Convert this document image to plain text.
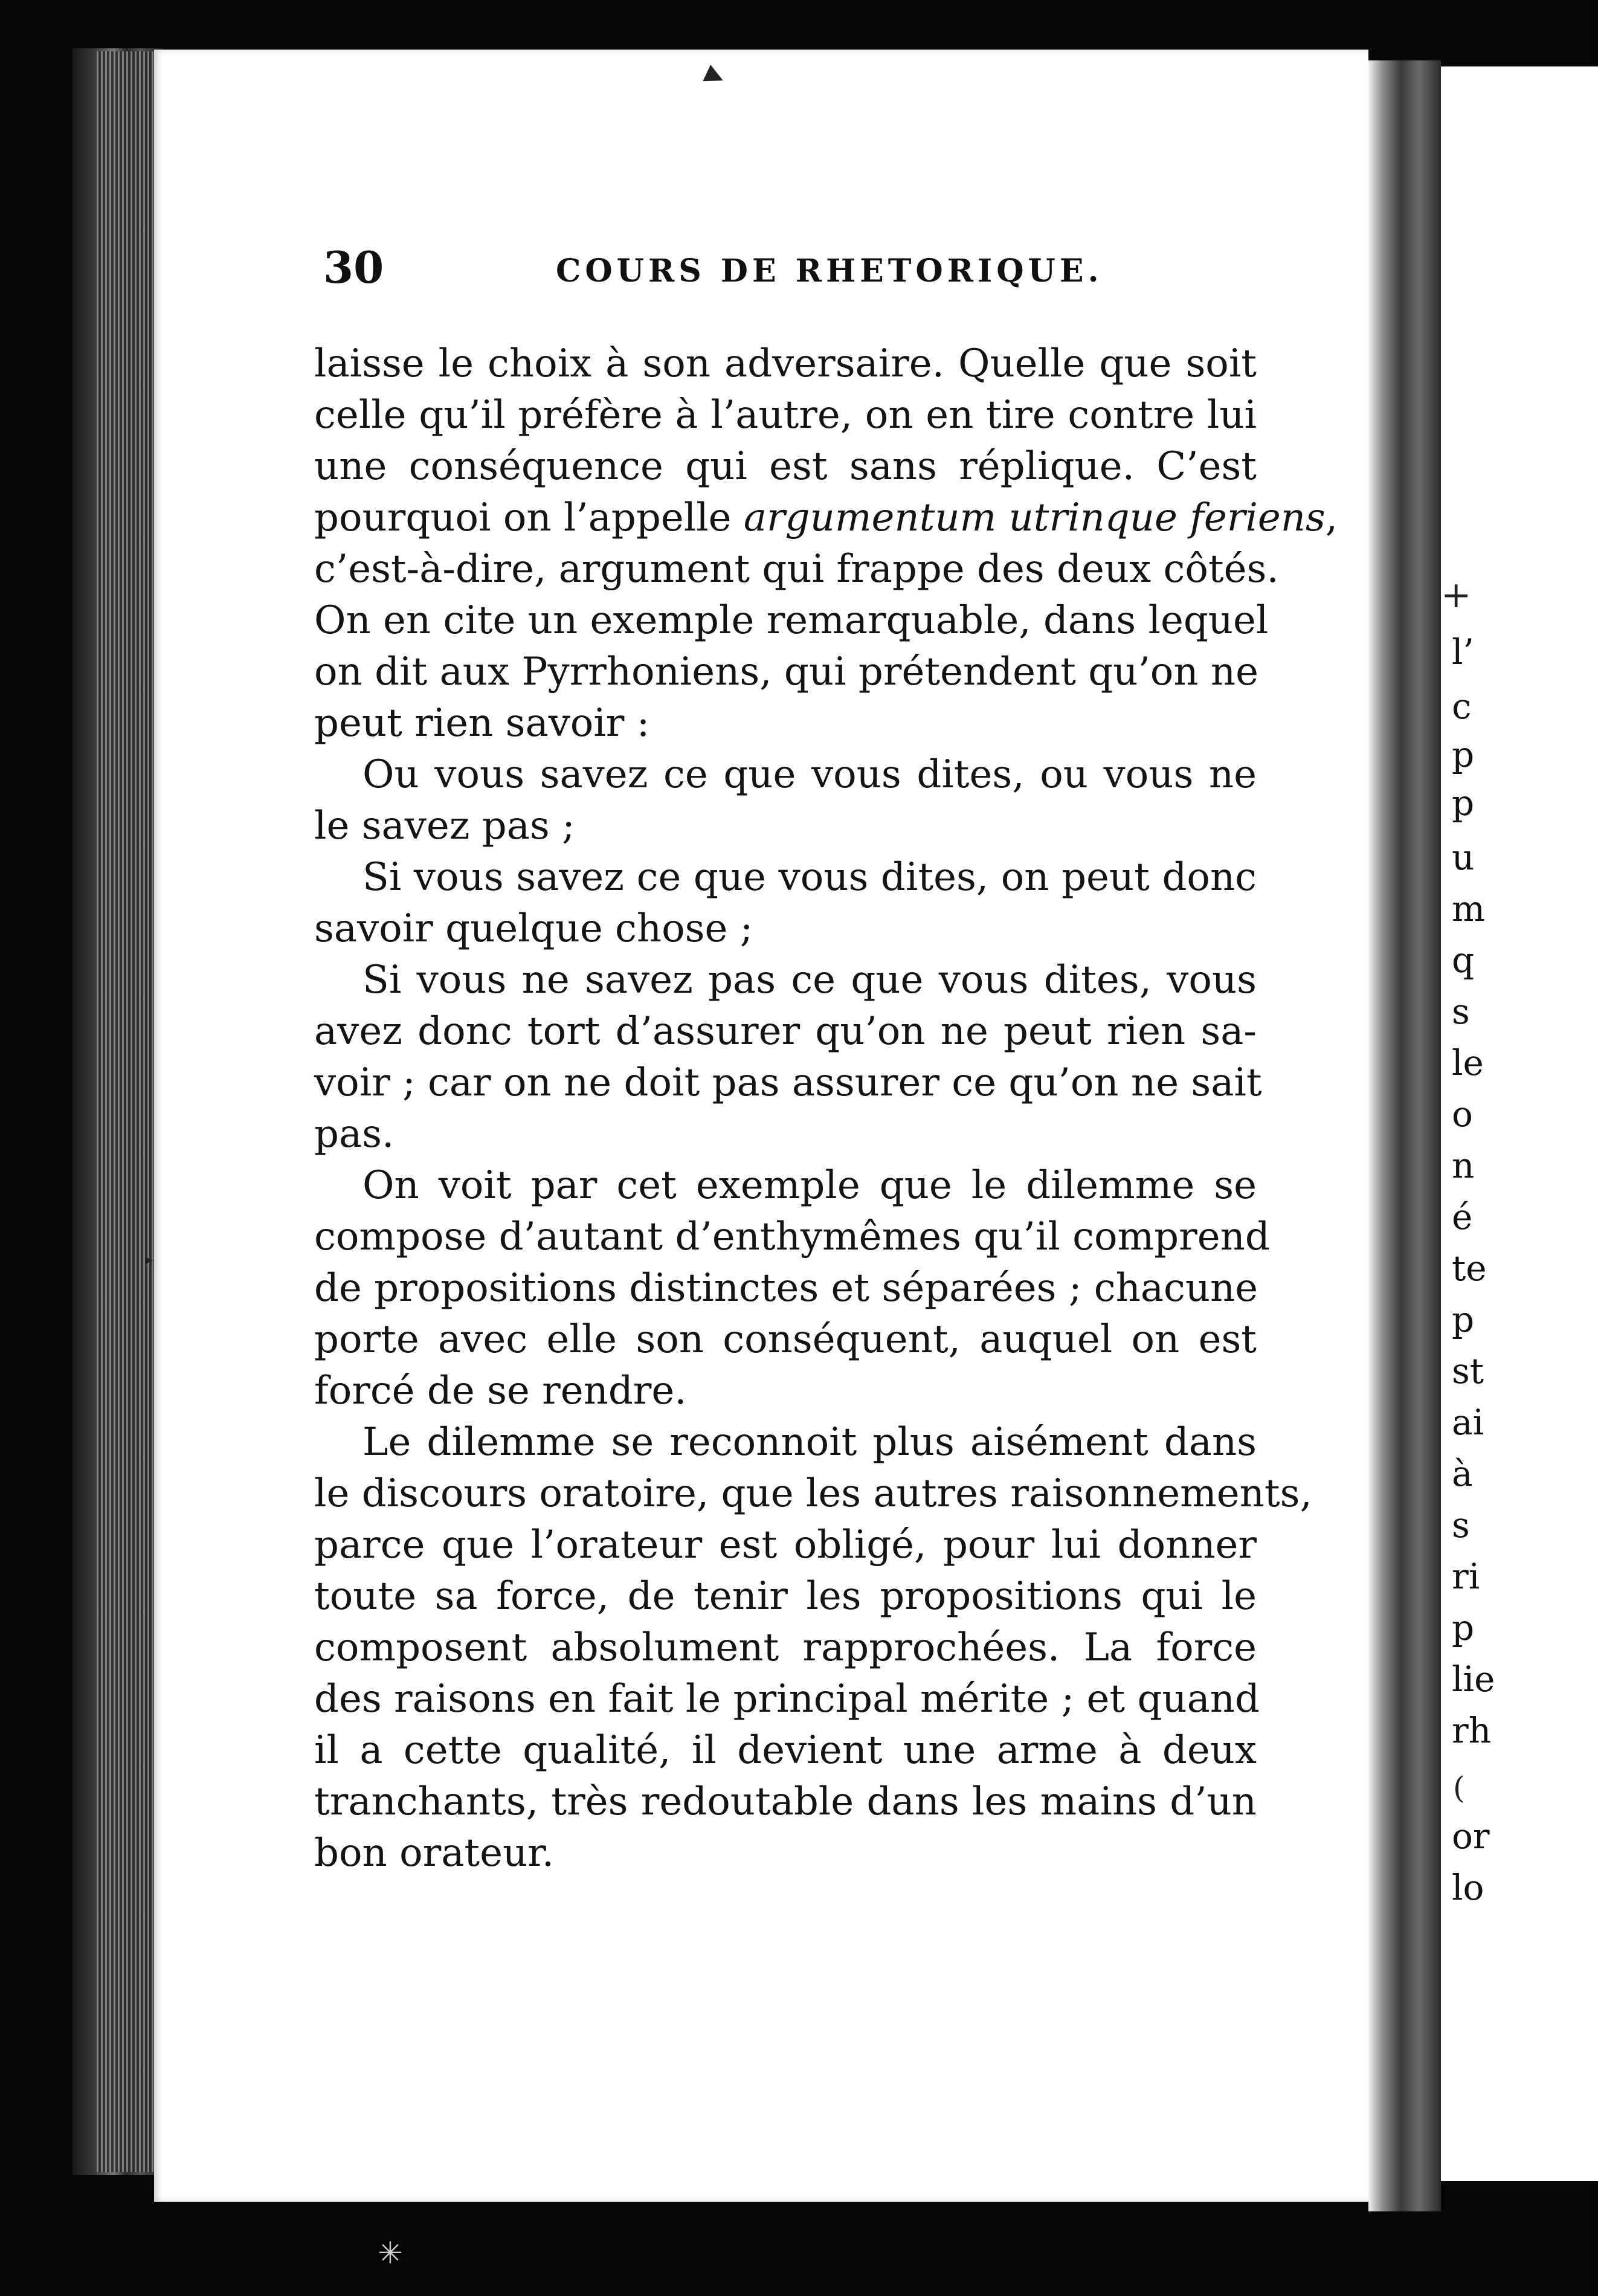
+
l’
c
p
p
u
m
q
s
le
o
n
é
te
p
st
ai
à
s
ri
p
lie
rh
(
or
lo
▸
▸
✳
30	COURS DE RHETORIQUE.
laisse le choix à son adversaire. Quelle que soit
celle qu’il préfère à l’autre, on en tire contre lui
une conséquence qui est sans réplique. C’est
pourquoi on l’appelle argumentum utrinque feriens,
c’est-à-dire, argument qui frappe des deux côtés.
On en cite un exemple remarquable, dans lequel
on dit aux Pyrrhoniens, qui prétendent qu’on ne
peut rien savoir :
Ou vous savez ce que vous dites, ou vous ne
le savez pas ;
Si vous savez ce que vous dites, on peut donc
savoir quelque chose ;
Si vous ne savez pas ce que vous dites, vous
avez donc tort d’assurer qu’on ne peut rien sa-
voir ; car on ne doit pas assurer ce qu’on ne sait
pas.
On voit par cet exemple que le dilemme se
compose d’autant d’enthymêmes qu’il comprend
de propositions distinctes et séparées ; chacune
porte avec elle son conséquent, auquel on est
forcé de se rendre.
Le dilemme se reconnoit plus aisément dans
le discours oratoire, que les autres raisonnements,
parce que l’orateur est obligé, pour lui donner
toute sa force, de tenir les propositions qui le
composent absolument rapprochées. La force
des raisons en fait le principal mérite ; et quand
il a cette qualité, il devient une arme à deux
tranchants, très redoutable dans les mains d’un
bon orateur.
